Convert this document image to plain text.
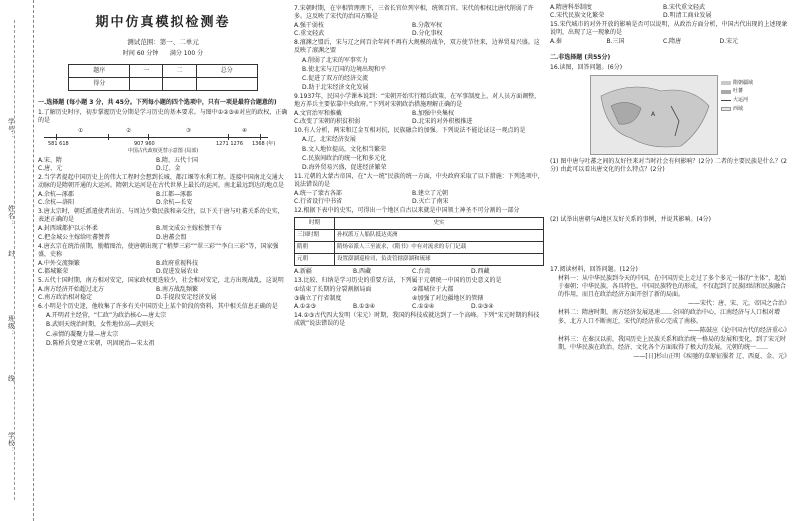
学号：
姓名：
封
班级：
线
学校：
期中仿真模拟检测卷
测试范围：第一、二单元
时间 60 分钟 满分 100 分
题序	一	二	总分
得分			
一.选择题 (每小题 3 分，共 45分。下列每小题的四个选项中，只有一项是最符合题意的)

1.了解历史时序，初步掌握历史分期是学习历史的基本要求。与图中①②③④对应的政权，正确的是

①	②	③	④
581 618	907 960	1271 1276 1368 (年)
中国古代政权更替示意图 (局部)
A.宋、隋	B.隋、五代十国
C.唐、元	D.辽、金

2.当学者提起中国历史上的伟大工程时会想到长城、都江堰等水利工程。连接中国南北交通大动脉的是隋朝开通的大运河。隋朝大运河是在古代世界上最长的运河，南北最远到达的地点是

A.余杭—涿郡	B.江都—涿郡
C.余杭—洛阳	D.余杭—长安

3.唐太宗时，朝廷派遣使者出访、与周边少数民族和亲交往，以下关于唐与吐蕃关系的史实，表述正确的是

A.封西域都护以示怀柔	B.周文成公主嫁松赞干布
C.把金城公主嫁给吐蕃赞普	D.唐蕃会盟

4.唐玄宗在统治前期，励精图治，使唐朝出现了“稍梦三彩”“翠三彩”“李白三彩”等，国家强盛，史称

A.中外交流频繁	B.政府重视科技
C.都城繁荣	D.促进发展农业

5.五代十国时期，南方相对安定，国家政权更迭较少，社会相对安定，北方出现战乱，这说明

A.南方经济开始超过北方	B.南方战乱频繁
C.南方政治相对稳定	D.手提段安定经济发展

6.小明是个历史迷，他收集了许多有关中国历史上某个阶段的资料，其中相关信息正确的是

A.开明君主经营，“仁政”为政治核心—唐太宗

B.武则天统治时期，女性地位高—武则天

C.亲情的凝聚力量—唐太宗

D.陈桥兵变建立宋朝，巩固统治—宋太祖

7.宋朝时期，在宰相管理理下，三省长官位列宰相，统领百官。宋代的相权比唐代削弱了许多。这反映了宋代的治国方略是

A.强干弱枝	B.分散军权
C.重文轻武	D.分化事权

8.澶渊之盟后，宋与辽之间百余年间不再有大规模的战争，双方使节往来，边界贸易兴盛。这反映了澶渊之盟

A.削弱了北宋的军事实力

B.使北宋与辽国的边境出现和平

C.促进了双方的经济交流

D.助于北宋经济文化发展

9.1937年，民国小学课本说到：“宋朝开始实行精兵政策，在军事制度上，对人员方面调整，地方养兵主要依靠中央政府。”下列对宋朝政治措施理解正确的是

A.文官治军和推戴	B.加强中央集权
C.改变了宋朝的积贫积弱	D.北宋的对外积极推进

10.有人分析，两宋和辽金互相对抗，民族融合的加强。下列说法不能论证这一观点的是

A.辽，北宋经济发展

B.文人地位提高，文化相当繁荣

C.民族间政治的统一化和多元化

D.海外贸易兴盛，促进经济繁荣

11.元朝的大蒙古帝国，在“大一统”民族的统一方面，中央政府采取了以下措施：下列选项中，说法错误的是

A.统一了蒙古各部	B.建立了元朝
C.行省设行中书省	D.灭亡了南宋

12.根据下表中的史实，可得出一个地区自古以来就是中国领土神圣不可分割的一部分

时期	史实
三国时期	孙权派万人船队抵达夷洲
隋朝	隋炀帝派人三至流求，《隋书》中有对流求的专门记载
元朝	设置澎湖巡检司，负责管辖澎湖和琉球
A.新疆	B.西藏	C.台湾	D.西藏

13.比较、归纳是学习历史的重要方法，下列属于元朝统一中国的历史意义的是

①结束了长期的分裂割据局面	②都城位于大都
③确立了行省制度	④加强了对边疆地区的管辖
A.①②③	B.①③④	C.①②④	D.②③④

14.①③古代四大发明（宋元）时期，我国的科技成就达到了一个高峰。下列“宋元时期的科技成就”说法错误的是

A.隋唐科举制度	B.宋代重文轻武
C.宋代民族文化繁荣	D.明清工商业发展

15.宋代城市的对外开放的影响是否可以说明，从政治方面分析，中国古代出现的上述现象说明，出现了这一现象的是

A.秦	B.三国	C.隋唐	D.宋元
二.非选择题 (共55分)

16.读图，回答问题。(6分)

A
隋朝疆域
吐蕃
大运河
西域

(1) 图中唐与吐蕃之间的友好往来对当时社会有何影响？(2分) 二者的主要民族是什么？(2分) 由此可以看出唐文化的什么特点？(2分)

(2) 试举出唐朝与A地区友好关系的事例，并说其影响。(4分)

17.阅读材料，回答问题。(12分)

材料一：从中华民族到今天的中国，在中国历史上走过了多个多元一体的“主体”，起始于秦朝；中华民族，各具特色，中国民族特色的形成，不仅起到了民族团结和民族融合的作用，而且在政治经济方面开创了新的局面。

——宋代：唐、宋、元，帝国之合治》

材料二：隋唐时期，南方经济发展迅速……全国的政治中心，江南经济与人口相对增多，北方人口不断南迁，宋代的经济重心完成了南移。

——陈鼓应《论中国古代的经济重心》

材料三：在秦汉以前，我国历史上民族关系和政治统一格局的发展和变化，到了宋元时期，中华民族在政治、经济、文化各个方面取得了极大的发展，元朝的统一……

——[日]杉山正明《疾驰的草原征服者 辽、西夏、金、元》
